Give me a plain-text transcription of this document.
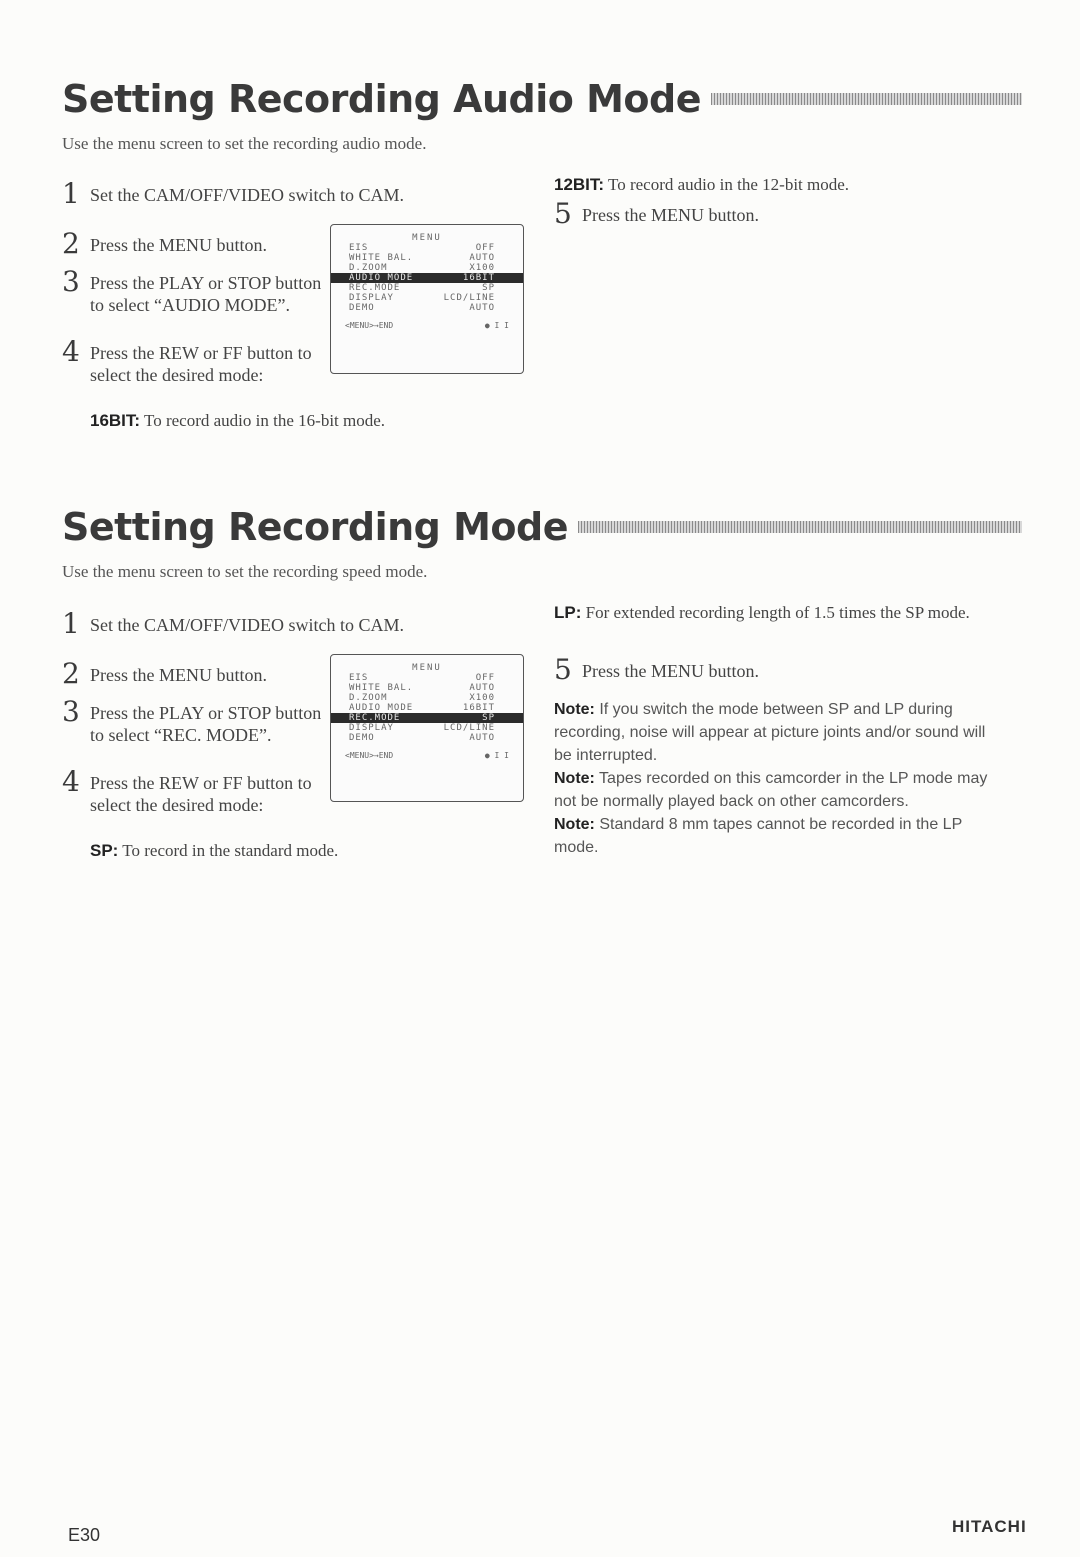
Setting Recording Audio Mode
Use the menu screen to set the recording audio mode.
1 Set the CAM/OFF/VIDEO switch to CAM.
2 Press the MENU button.
3 Press the PLAY or STOP button to select “AUDIO MODE”.
4 Press the REW or FF button to select the desired mode:
16BIT: To record audio in the 16-bit mode.
MENU
EIS	OFF
WHITE BAL.	AUTO
D.ZOOM	X100
AUDIO MODE	16BIT
REC.MODE	SP
DISPLAY	LCD/LINE
DEMO	AUTO
<MENU>→END	● I I
12BIT: To record audio in the 12-bit mode.
5 Press the MENU button.
Setting Recording Mode
Use the menu screen to set the recording speed mode.
1 Set the CAM/OFF/VIDEO switch to CAM.
2 Press the MENU button.
3 Press the PLAY or STOP button to select “REC. MODE”.
4 Press the REW or FF button to select the desired mode:
SP: To record in the standard mode.
MENU
EIS	OFF
WHITE BAL.	AUTO
D.ZOOM	X100
AUDIO MODE	16BIT
REC.MODE	SP
DISPLAY	LCD/LINE
DEMO	AUTO
<MENU>→END	● I I
LP: For extended recording length of 1.5 times the SP mode.
5 Press the MENU button.
Note: If you switch the mode between SP and LP during recording, noise will appear at picture joints and/or sound will be interrupted.
Note: Tapes recorded on this camcorder in the LP mode may not be normally played back on other camcorders.
Note: Standard 8 mm tapes cannot be recorded in the LP mode.
E30	HITACHI
